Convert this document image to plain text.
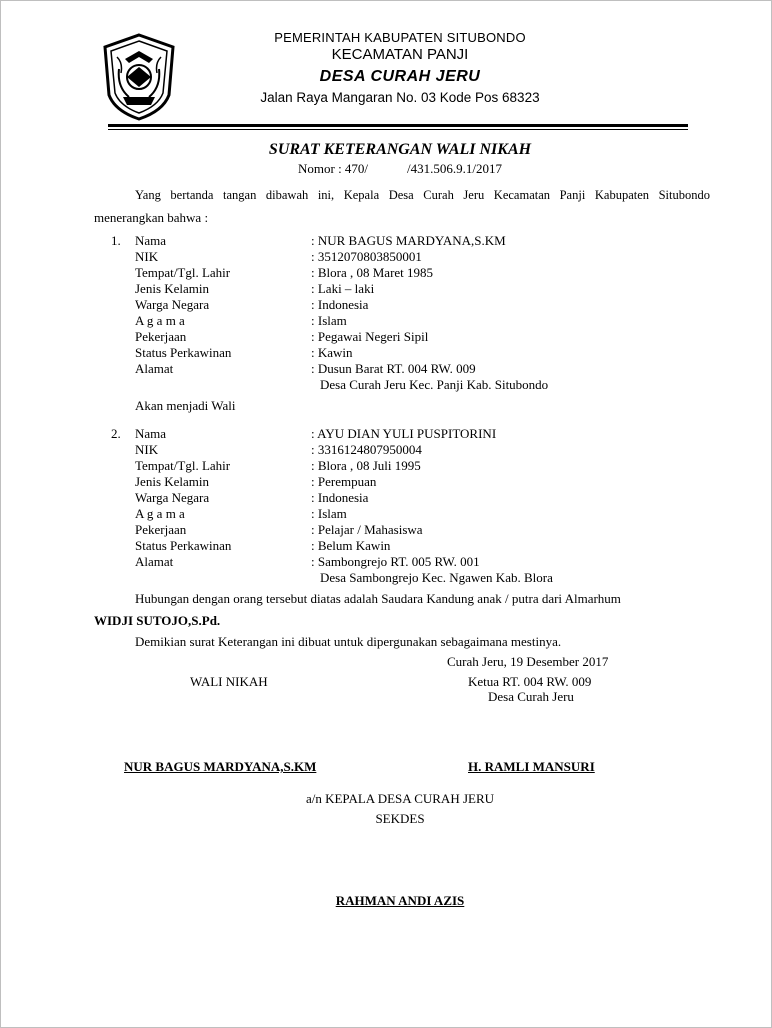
PEMERINTAH KABUPATEN SITUBONDO
KECAMATAN PANJI
DESA CURAH JERU
Jalan Raya Mangaran No. 03 Kode Pos 68323
SURAT KETERANGAN WALI NIKAH
Nomor : 470/            /431.506.9.1/2017
Yang bertanda tangan dibawah ini, Kepala Desa Curah Jeru Kecamatan Panji Kabupaten Situbondo
menerangkan bahwa :
1. Nama	: NUR BAGUS MARDYANA,S.KM
NIK	: 3512070803850001
Tempat/Tgl. Lahir	: Blora , 08 Maret 1985
Jenis Kelamin	: Laki – laki
Warga Negara	: Indonesia
A g a m a	: Islam
Pekerjaan	: Pegawai Negeri Sipil
Status Perkawinan	: Kawin
Alamat	: Dusun Barat RT. 004 RW. 009
Desa Curah Jeru Kec. Panji Kab. Situbondo
Akan menjadi Wali
2. Nama	: AYU DIAN YULI PUSPITORINI
NIK	: 3316124807950004
Tempat/Tgl. Lahir	: Blora , 08 Juli 1995
Jenis Kelamin	: Perempuan
Warga Negara	: Indonesia
A g a m a	: Islam
Pekerjaan	: Pelajar / Mahasiswa
Status Perkawinan	: Belum Kawin
Alamat	: Sambongrejo RT. 005 RW. 001
Desa Sambongrejo Kec. Ngawen Kab. Blora
Hubungan dengan orang tersebut diatas adalah Saudara Kandung anak / putra dari Almarhum
WIDJI SUTOJO,S.Pd.
Demikian surat Keterangan ini dibuat untuk dipergunakan sebagaimana mestinya.
Curah Jeru, 19 Desember 2017
WALI NIKAH	Ketua RT. 004 RW. 009
Desa Curah Jeru
NUR BAGUS MARDYANA,S.KM	H. RAMLI MANSURI
a/n KEPALA DESA CURAH JERU
SEKDES
RAHMAN ANDI AZIS
